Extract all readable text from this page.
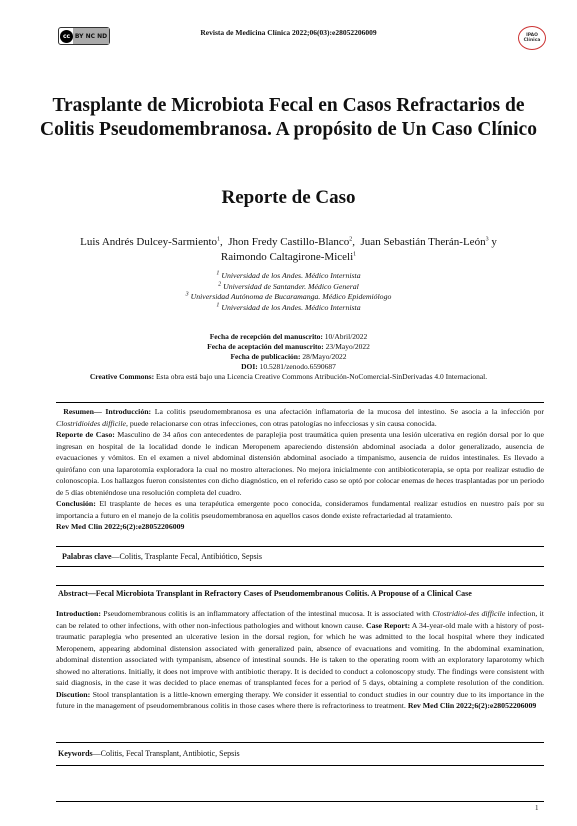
cc BY NC ND	Revista de Medicina Clínica 2022;06(03):e28052206009	IPAO
Clínica
Trasplante de Microbiota Fecal en Casos Refractarios de Colitis Pseudomembranosa. A propósito de Un Caso Clínico
Reporte de Caso
Luis Andrés Dulcey-Sarmiento$^1$,  Jhon Fredy Castillo-Blanco$^2$,  Juan Sebastián Therán-León$^3$ y
Raimondo Caltagirone-Miceli$^1$
$^1$ Universidad de los Andes. Médico Internista
$^2$ Universidad de Santander. Médico General
$^3$ Universidad Autónoma de Bucaramanga. Médico Epidemiólogo
$^1$ Universidad de los Andes. Médico Internista
Fecha de recepción del manuscrito: 10/Abril/2022
Fecha de aceptación del manuscrito: 23/Mayo/2022
Fecha de publicación: 28/Mayo/2022
DOI: 10.5281/zenodo.6590687
Creative Commons: Esta obra está bajo una Licencia Creative Commons Atribución-NoComercial-SinDerivadas 4.0 Internacional.
Resumen— Introducción: La colitis pseudomembranosa es una afectación inflamatoria de la mucosa del intestino. Se asocia a la infección por Clostridioides difficile, puede relacionarse con otras infecciones, con otras patologías no infecciosas y sin causa conocida.
Reporte de Caso: Masculino de 34 años con antecedentes de paraplejia post traumática quien presenta una lesión ulcerativa en región dorsal por lo que ingresan en hospital de la localidad donde le indican Meropenem apareciendo distensión abdominal asociada a dolor generalizado, ausencia de evacuaciones y vómitos. En el examen a nivel abdominal distensión abdominal asociado a timpanismo, ausencia de ruidos intestinales. Es llevado a quirófano con una laparotomía exploradora la cual no mostro alteraciones. No mejora inicialmente con antibioticoterapia, se opta por realizar estudio de colonoscopia. Los hallazgos fueron consistentes con dicho diagnóstico, en el referido caso se optó por colocar enemas de heces trasplantadas por un periodo de 5 días obteniéndose una resolución completa del cuadro.
Conclusión: El trasplante de heces es una terapéutica emergente poco conocida, consideramos fundamental realizar estudios en nuestro país por su importancia a futuro en el manejo de la colitis pseudomembranosa en aquellos casos donde existe refractariedad al tratamiento.
Rev Med Clin 2022;6(2):e28052206009
Palabras clave—Colitis, Trasplante Fecal, Antibiótico, Sepsis
Abstract—Fecal Microbiota Transplant in Refractory Cases of Pseudomembranous Colitis. A Propouse of a Clinical Case
Introduction: Pseudomembranous colitis is an inflammatory affectation of the intestinal mucosa. It is associated with Clostridioi-des difficile infection, it can be related to other infections, with other non-infectious pathologies and without known cause. Case Report: A 34-year-old male with a history of post-traumatic paraplegia who presented an ulcerative lesion in the dorsal region, for which he was admitted to the local hospital where they indicated Meropenem, appearing abdominal distension associated with generalized pain, absence of evacuations and vomiting. In the abdominal examination, abdominal distention associated with tympanism, absence of intestinal sounds. He is taken to the operating room with an exploratory laparotomy which showed no alterations. Initially, it does not improve with antibiotic therapy. It is decided to conduct a colonoscopy study. The findings were consistent with said diagnosis, in the case it was decided to place enemas of transplanted feces for a period of 5 days, obtaining a complete resolution of the condition. Discution: Stool transplantation is a little-known emerging therapy. We consider it essential to conduct studies in our country due to its importance in the future in the management of pseudomembranous colitis in those cases where there is refractoriness to treatment. Rev Med Clin 2022;6(2):e28052206009
Keywords—Colitis, Fecal Transplant, Antibiotic, Sepsis
1
